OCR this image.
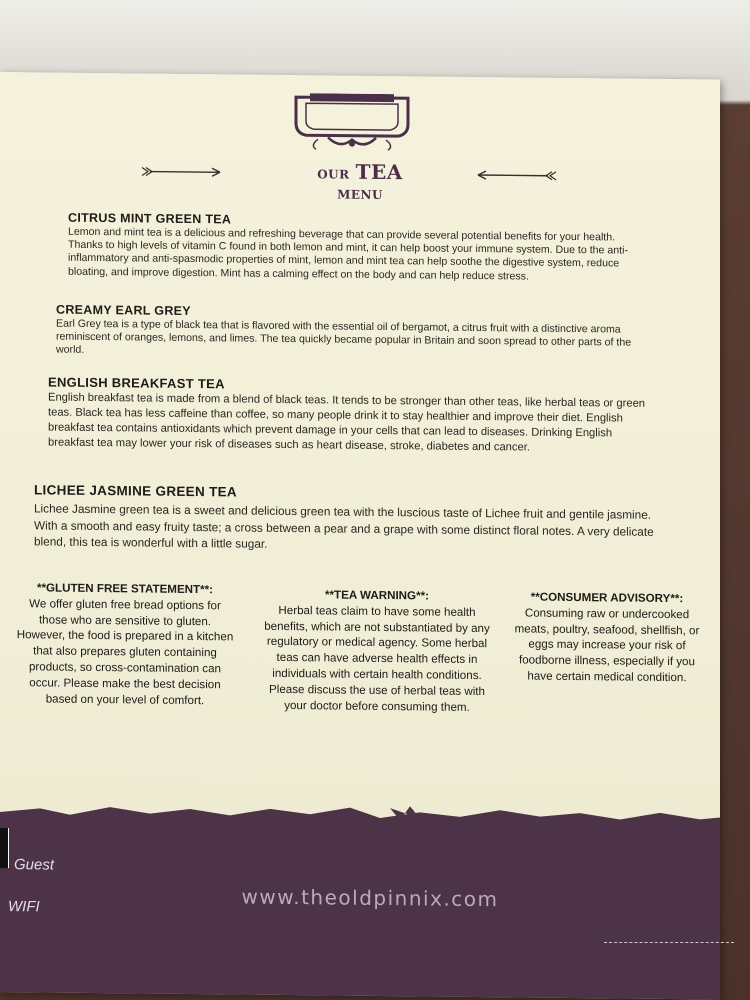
OUR TEA MENU
CITRUS MINT GREEN TEA

Lemon and mint tea is a delicious and refreshing beverage that can provide several potential benefits for your health. Thanks to high levels of vitamin C found in both lemon and mint, it can help boost your immune system. Due to the anti-inflammatory and anti-spasmodic properties of mint, lemon and mint tea can help soothe the digestive system, reduce bloating, and improve digestion. Mint has a calming effect on the body and can help reduce stress.

CREAMY EARL GREY

Earl Grey tea is a type of black tea that is flavored with the essential oil of bergamot, a citrus fruit with a distinctive aroma reminiscent of oranges, lemons, and limes. The tea quickly became popular in Britain and soon spread to other parts of the world.

ENGLISH BREAKFAST TEA

English breakfast tea is made from a blend of black teas. It tends to be stronger than other teas, like herbal teas or green teas. Black tea has less caffeine than coffee, so many people drink it to stay healthier and improve their diet. English breakfast tea contains antioxidants which prevent damage in your cells that can lead to diseases. Drinking English breakfast tea may lower your risk of diseases such as heart disease, stroke, diabetes and cancer.

LICHEE JASMINE GREEN TEA

Lichee Jasmine green tea is a sweet and delicious green tea with the luscious taste of Lichee fruit and gentile jasmine. With a smooth and easy fruity taste; a cross between a pear and a grape with some distinct floral notes. A very delicate blend, this tea is wonderful with a little sugar.

**GLUTEN FREE STATEMENT**:
We offer gluten free bread options for those who are sensitive to gluten. However, the food is prepared in a kitchen that also prepares gluten containing products, so cross-contamination can occur. Please make the best decision based on your level of comfort.
**TEA WARNING**:
Herbal teas claim to have some health benefits, which are not substantiated by any regulatory or medical agency. Some herbal teas can have adverse health effects in individuals with certain health conditions. Please discuss the use of herbal teas with your doctor before consuming them.
**CONSUMER ADVISORY**:
Consuming raw or undercooked meats, poultry, seafood, shellfish, or eggs may increase your risk of foodborne illness, especially if you have certain medical condition.
www.theoldpinnix.com
Guest
WIFI
